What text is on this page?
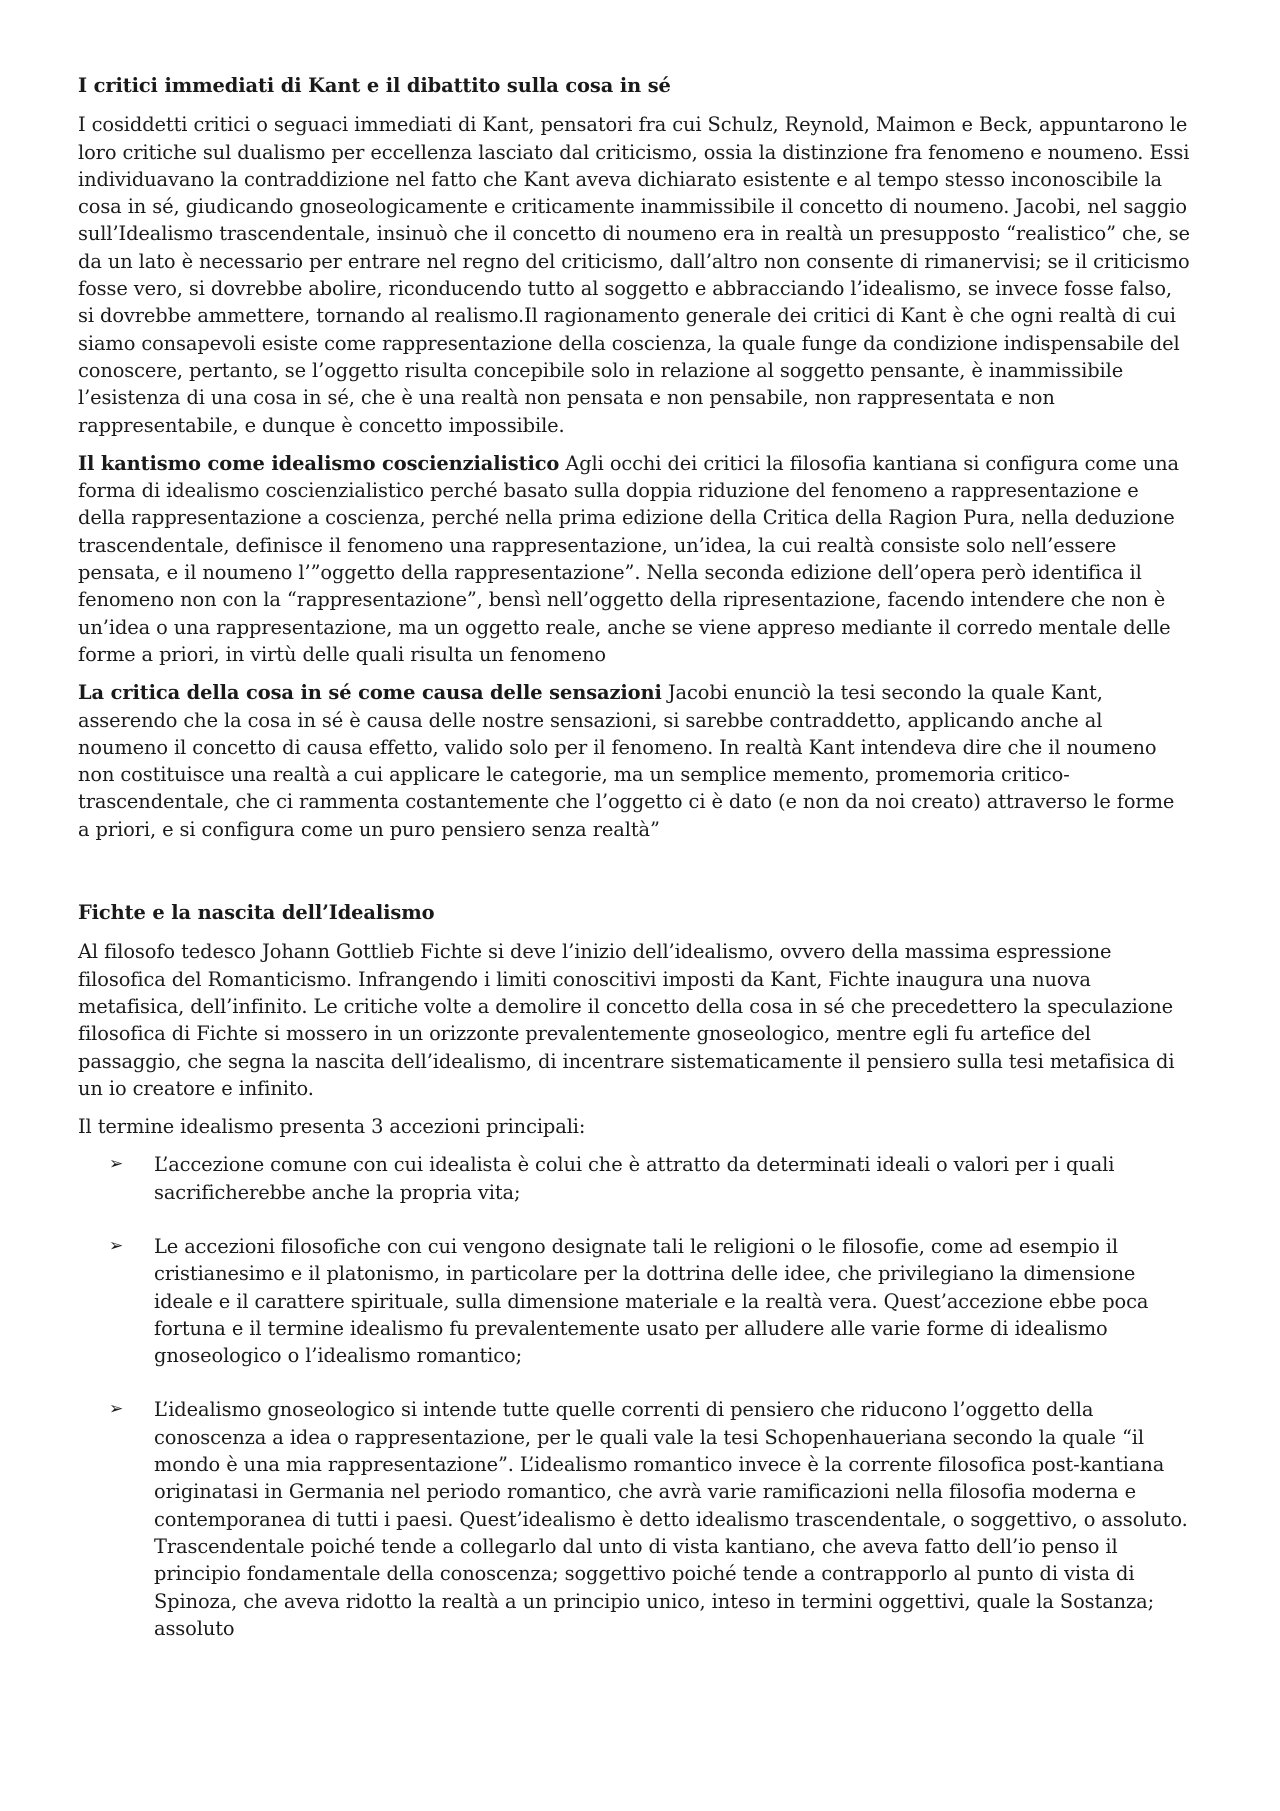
I critici immediati di Kant e il dibattito sulla cosa in sé

I cosiddetti critici o seguaci immediati di Kant, pensatori fra cui Schulz, Reynold, Maimon e Beck, appuntarono le loro critiche sul dualismo per eccellenza lasciato dal criticismo, ossia la distinzione fra fenomeno e noumeno. Essi individuavano la contraddizione nel fatto che Kant aveva dichiarato esistente e al tempo stesso inconoscibile la cosa in sé, giudicando gnoseologicamente e criticamente inammissibile il concetto di noumeno. Jacobi, nel saggio sull’Idealismo trascendentale, insinuò che il concetto di noumeno era in realtà un presupposto “realistico” che, se da un lato è necessario per entrare nel regno del criticismo, dall’altro non consente di rimanervisi; se il criticismo fosse vero, si dovrebbe abolire, riconducendo tutto al soggetto e abbracciando l’idealismo, se invece fosse falso, si dovrebbe ammettere, tornando al realismo.Il ragionamento generale dei critici di Kant è che ogni realtà di cui siamo consapevoli esiste come rappresentazione della coscienza, la quale funge da condizione indispensabile del conoscere, pertanto, se l’oggetto risulta concepibile solo in relazione al soggetto pensante, è inammissibile l’esistenza di una cosa in sé, che è una realtà non pensata e non pensabile, non rappresentata e non rappresentabile, e dunque è concetto impossibile.

Il kantismo come idealismo coscienzialistico Agli occhi dei critici la filosofia kantiana si configura come una forma di idealismo coscienzialistico perché basato sulla doppia riduzione del fenomeno a rappresentazione e della rappresentazione a coscienza, perché nella prima edizione della Critica della Ragion Pura, nella deduzione trascendentale, definisce il fenomeno una rappresentazione, un’idea, la cui realtà consiste solo nell’essere pensata, e il noumeno l’”oggetto della rappresentazione”. Nella seconda edizione dell’opera però identifica il fenomeno non con la “rappresentazione”, bensì nell’oggetto della ripresentazione, facendo intendere che non è un’idea o una rappresentazione, ma un oggetto reale, anche se viene appreso mediante il corredo mentale delle forme a priori, in virtù delle quali risulta un fenomeno

La critica della cosa in sé come causa delle sensazioni Jacobi enunciò la tesi secondo la quale Kant, asserendo che la cosa in sé è causa delle nostre sensazioni, si sarebbe contraddetto, applicando anche al noumeno il concetto di causa effetto, valido solo per il fenomeno. In realtà Kant intendeva dire che il noumeno non costituisce una realtà a cui applicare le categorie, ma un semplice memento, promemoria critico-trascendentale, che ci rammenta costantemente che l’oggetto ci è dato (e non da noi creato) attraverso le forme a priori, e si configura come un puro pensiero senza realtà”

Fichte e la nascita dell’Idealismo

Al filosofo tedesco Johann Gottlieb Fichte si deve l’inizio dell’idealismo, ovvero della massima espressione filosofica del Romanticismo. Infrangendo i limiti conoscitivi imposti da Kant, Fichte inaugura una nuova metafisica, dell’infinito. Le critiche volte a demolire il concetto della cosa in sé che precedettero la speculazione filosofica di Fichte si mossero in un orizzonte prevalentemente gnoseologico, mentre egli fu artefice del passaggio, che segna la nascita dell’idealismo, di incentrare sistematicamente il pensiero sulla tesi metafisica di un io creatore e infinito.

Il termine idealismo presenta 3 accezioni principali:

➢ L’accezione comune con cui idealista è colui che è attratto da determinati ideali o valori per i quali sacrificherebbe anche la propria vita;
➢ Le accezioni filosofiche con cui vengono designate tali le religioni o le filosofie, come ad esempio il cristianesimo e il platonismo, in particolare per la dottrina delle idee, che privilegiano la dimensione ideale e il carattere spirituale, sulla dimensione materiale e la realtà vera. Quest’accezione ebbe poca fortuna e il termine idealismo fu prevalentemente usato per alludere alle varie forme di idealismo gnoseologico o l’idealismo romantico;
➢ L’idealismo gnoseologico si intende tutte quelle correnti di pensiero che riducono l’oggetto della conoscenza a idea o rappresentazione, per le quali vale la tesi Schopenhaueriana secondo la quale “il mondo è una mia rappresentazione”. L’idealismo romantico invece è la corrente filosofica post-kantiana originatasi in Germania nel periodo romantico, che avrà varie ramificazioni nella filosofia moderna e contemporanea di tutti i paesi. Quest’idealismo è detto idealismo trascendentale, o soggettivo, o assoluto. Trascendentale poiché tende a collegarlo dal unto di vista kantiano, che aveva fatto dell’io penso il principio fondamentale della conoscenza; soggettivo poiché tende a contrapporlo al punto di vista di Spinoza, che aveva ridotto la realtà a un principio unico, inteso in termini oggettivi, quale la Sostanza; assoluto
